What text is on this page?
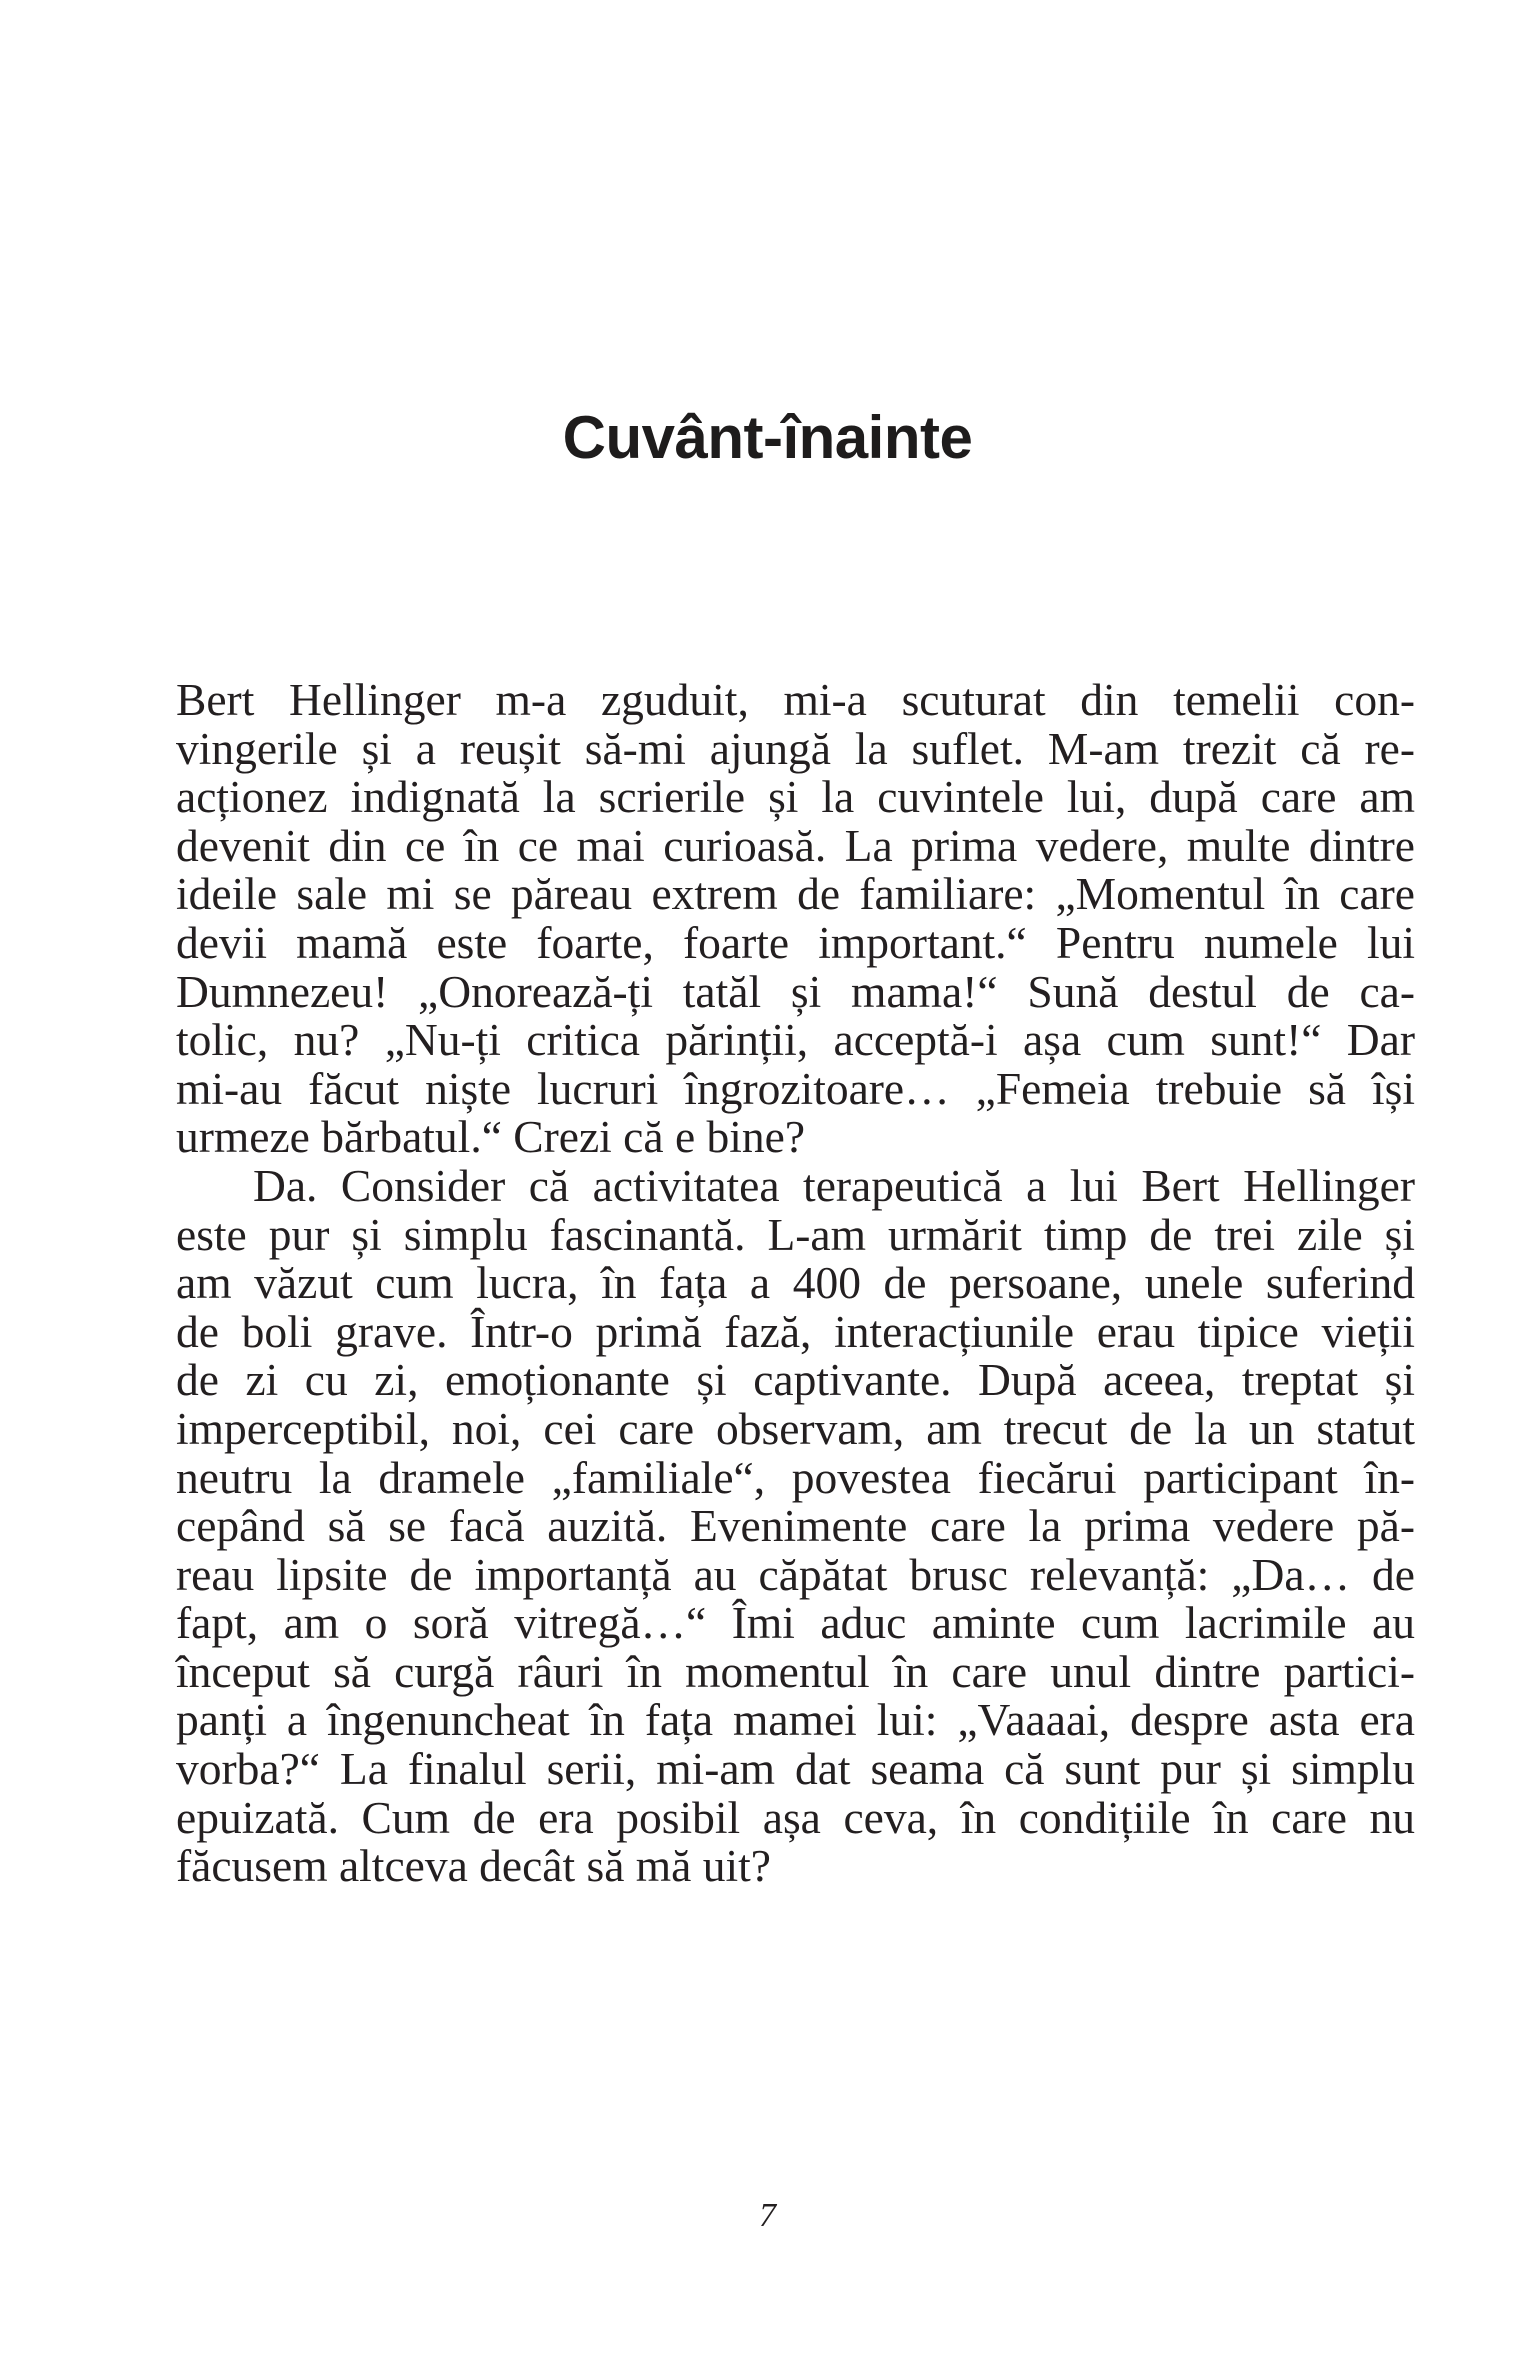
Cuvânt-înainte
Bert Hellinger m-a zguduit, mi-a scuturat din temelii con-
vingerile și a reușit să-mi ajungă la suflet. M-am trezit că re-
acționez indignată la scrierile și la cuvintele lui, după care am
devenit din ce în ce mai curioasă. La prima vedere, multe dintre
ideile sale mi se păreau extrem de familiare: „Momentul în care
devii mamă este foarte, foarte important.“ Pentru numele lui
Dumnezeu! „Onorează-ți tatăl și mama!“ Sună destul de ca-
tolic, nu? „Nu-ți critica părinții, acceptă-i așa cum sunt!“ Dar
mi-au făcut niște lucruri îngrozitoare… „Femeia trebuie să își
urmeze bărbatul.“ Crezi că e bine?
Da. Consider că activitatea terapeutică a lui Bert Hellinger
este pur și simplu fascinantă. L-am urmărit timp de trei zile și
am văzut cum lucra, în fața a 400 de persoane, unele suferind
de boli grave. Într-o primă fază, interacțiunile erau tipice vieții
de zi cu zi, emoționante și captivante. După aceea, treptat și
imperceptibil, noi, cei care observam, am trecut de la un statut
neutru la dramele „familiale“, povestea fiecărui participant în-
cepând să se facă auzită. Evenimente care la prima vedere pă-
reau lipsite de importanță au căpătat brusc relevanță: „Da… de
fapt, am o soră vitregă…“ Îmi aduc aminte cum lacrimile au
început să curgă râuri în momentul în care unul dintre partici-
panți a îngenuncheat în fața mamei lui: „Vaaaai, despre asta era
vorba?“ La finalul serii, mi-am dat seama că sunt pur și simplu
epuizată. Cum de era posibil așa ceva, în condițiile în care nu
făcusem altceva decât să mă uit?
7
